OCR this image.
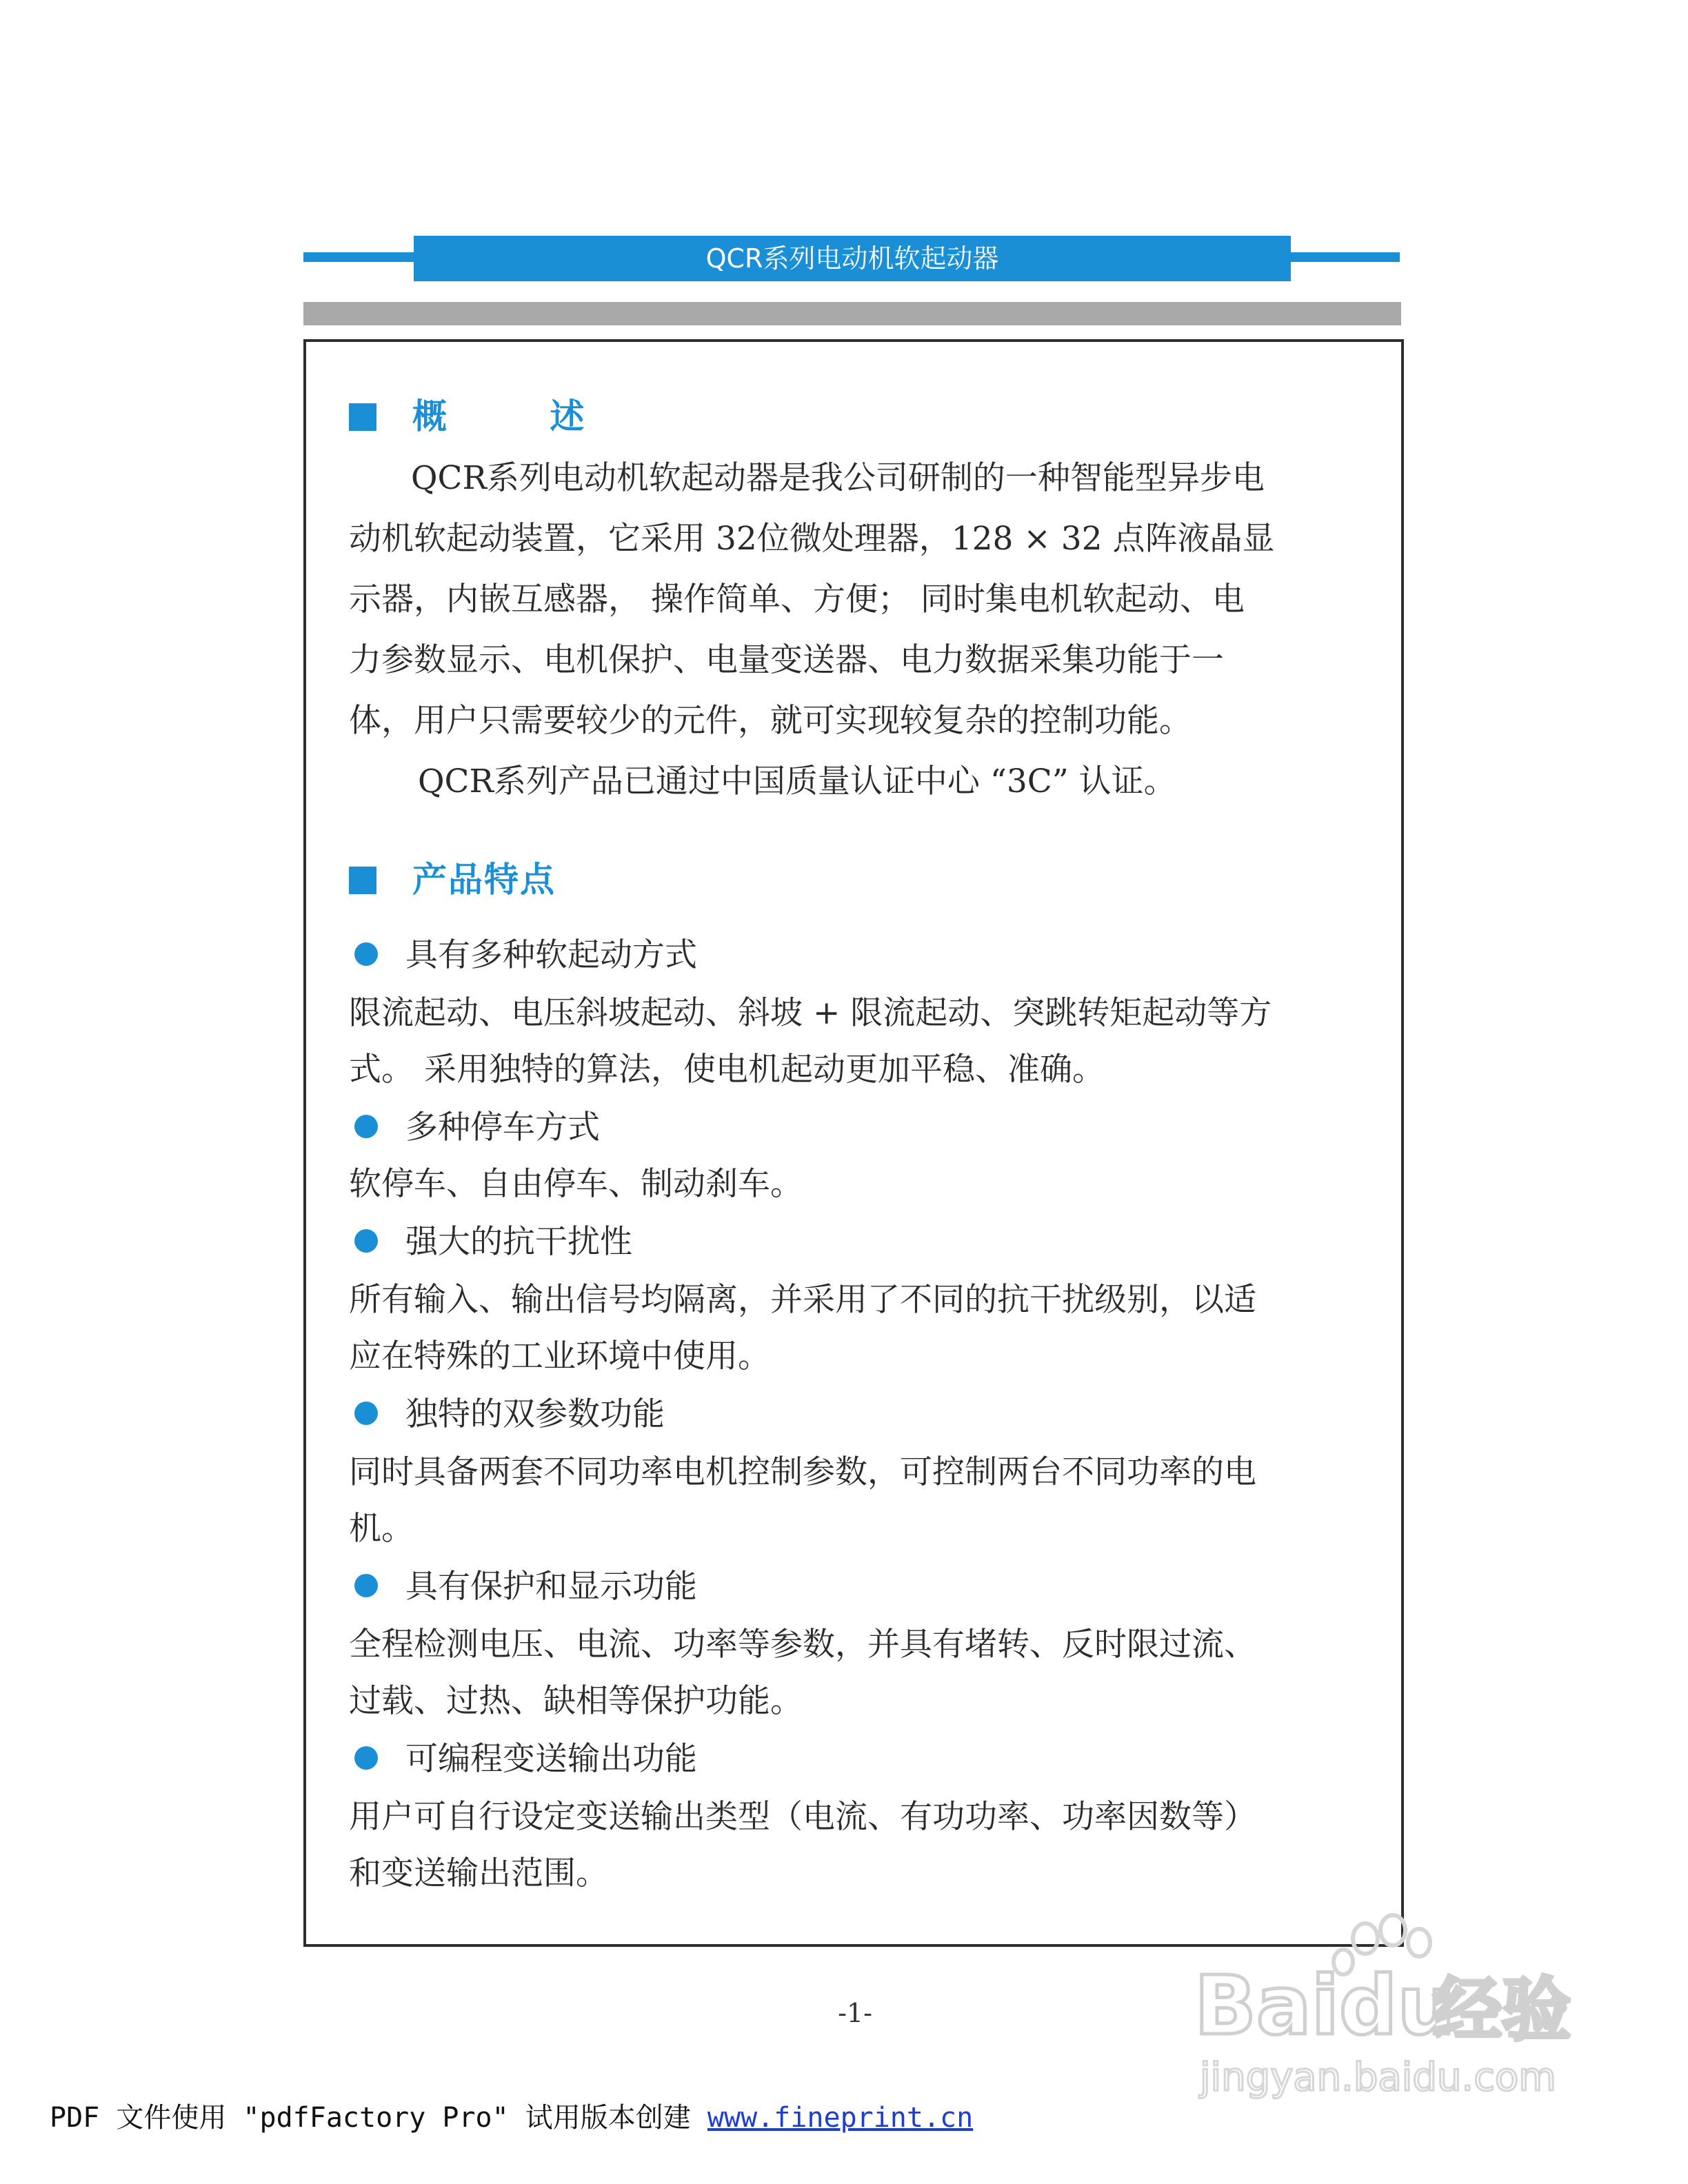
QCR系列电动机软起动器
概 述
QCR系列电动机软起动器是我公司研制的一种智能型异步电
动机软起动装置，它采用 32位微处理器，128 × 32 点阵液晶显
示器，内嵌互感器， 操作简单、方便； 同时集电机软起动、电
力参数显示、电机保护、电量变送器、电力数据采集功能于一
体，用户只需要较少的元件，就可实现较复杂的控制功能。
QCR系列产品已通过中国质量认证中心 “3C” 认证。
产品特点
具有多种软起动方式
限流起动、电压斜坡起动、斜坡 + 限流起动、突跳转矩起动等方
式。 采用独特的算法，使电机起动更加平稳、准确。
多种停车方式
软停车、自由停车、制动刹车。
强大的抗干扰性
所有输入、输出信号均隔离，并采用了不同的抗干扰级别，以适
应在特殊的工业环境中使用。
独特的双参数功能
同时具备两套不同功率电机控制参数，可控制两台不同功率的电
机。
具有保护和显示功能
全程检测电压、电流、功率等参数，并具有堵转、反时限过流、
过载、过热、缺相等保护功能。
可编程变送输出功能
用户可自行设定变送输出类型（电流、有功功率、功率因数等）
和变送输出范围。
-1-	Baidu
经验
jingyan.baidu.com
PDF 文件使用 "pdfFactory Pro" 试用版本创建 www.fineprint.cn
